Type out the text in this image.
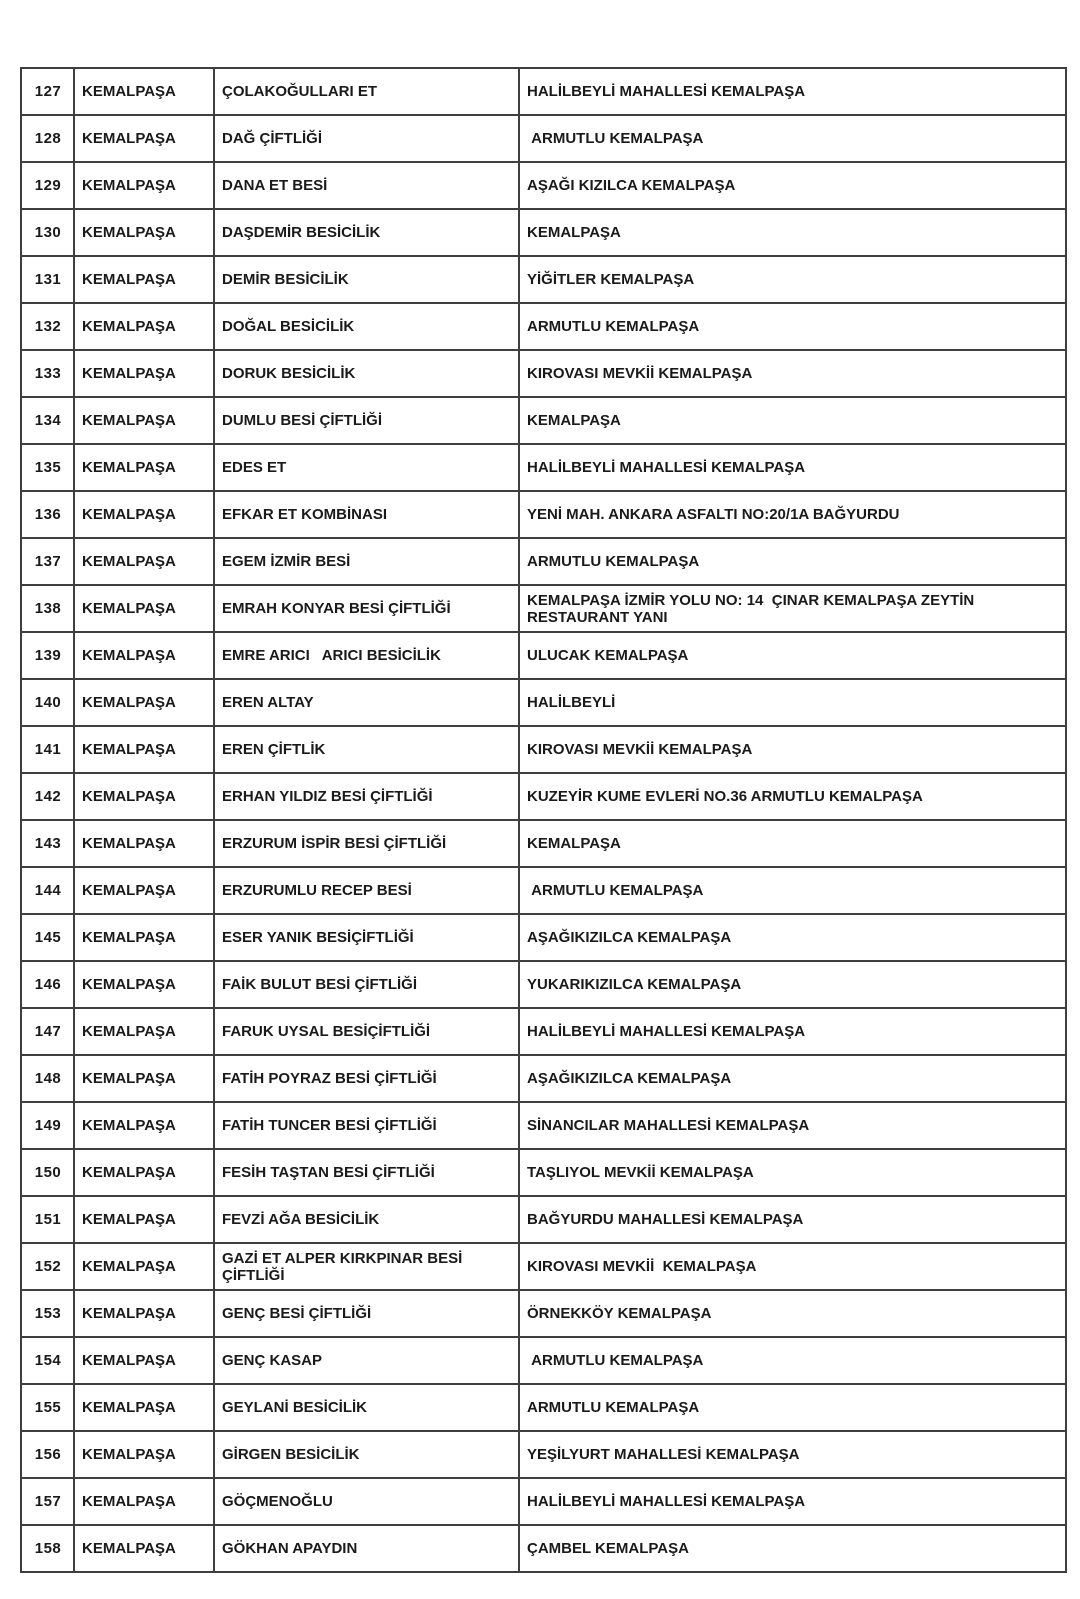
127	KEMALPAŞA	ÇOLAKOĞULLARI ET	HALİLBEYLİ MAHALLESİ KEMALPAŞA
128	KEMALPAŞA	DAĞ ÇİFTLİĞİ	ARMUTLU KEMALPAŞA
129	KEMALPAŞA	DANA ET BESİ	AŞAĞI KIZILCA KEMALPAŞA
130	KEMALPAŞA	DAŞDEMİR BESİCİLİK	KEMALPAŞA
131	KEMALPAŞA	DEMİR BESİCİLİK	YİĞİTLER KEMALPAŞA
132	KEMALPAŞA	DOĞAL BESİCİLİK	ARMUTLU KEMALPAŞA
133	KEMALPAŞA	DORUK BESİCİLİK	KIROVASI MEVKİİ KEMALPAŞA
134	KEMALPAŞA	DUMLU BESİ ÇİFTLİĞİ	KEMALPAŞA
135	KEMALPAŞA	EDES ET	HALİLBEYLİ MAHALLESİ KEMALPAŞA
136	KEMALPAŞA	EFKAR ET KOMBİNASI	YENİ MAH. ANKARA ASFALTI NO:20/1A BAĞYURDU
137	KEMALPAŞA	EGEM İZMİR BESİ	ARMUTLU KEMALPAŞA
138	KEMALPAŞA	EMRAH KONYAR BESİ ÇİFTLİĞİ	KEMALPAŞA İZMİR YOLU NO: 14  ÇINAR KEMALPAŞA ZEYTİN RESTAURANT YANI
139	KEMALPAŞA	EMRE ARICI   ARICI BESİCİLİK	ULUCAK KEMALPAŞA
140	KEMALPAŞA	EREN ALTAY	HALİLBEYLİ
141	KEMALPAŞA	EREN ÇİFTLİK	KIROVASI MEVKİİ KEMALPAŞA
142	KEMALPAŞA	ERHAN YILDIZ BESİ ÇİFTLİĞİ	KUZEYİR KUME EVLERİ NO.36 ARMUTLU KEMALPAŞA
143	KEMALPAŞA	ERZURUM İSPİR BESİ ÇİFTLİĞİ	KEMALPAŞA
144	KEMALPAŞA	ERZURUMLU RECEP BESİ	ARMUTLU KEMALPAŞA
145	KEMALPAŞA	ESER YANIK BESİÇİFTLİĞİ	AŞAĞIKIZILCA KEMALPAŞA
146	KEMALPAŞA	FAİK BULUT BESİ ÇİFTLİĞİ	YUKARIKIZILCA KEMALPAŞA
147	KEMALPAŞA	FARUK UYSAL BESİÇİFTLİĞİ	HALİLBEYLİ MAHALLESİ KEMALPAŞA
148	KEMALPAŞA	FATİH POYRAZ BESİ ÇİFTLİĞİ	AŞAĞIKIZILCA KEMALPAŞA
149	KEMALPAŞA	FATİH TUNCER BESİ ÇİFTLİĞİ	SİNANCILAR MAHALLESİ KEMALPAŞA
150	KEMALPAŞA	FESİH TAŞTAN BESİ ÇİFTLİĞİ	TAŞLIYOL MEVKİİ KEMALPAŞA
151	KEMALPAŞA	FEVZİ AĞA BESİCİLİK	BAĞYURDU MAHALLESİ KEMALPAŞA
152	KEMALPAŞA	GAZİ ET ALPER KIRKPINAR BESİ ÇİFTLİĞİ	KIROVASI MEVKİİ  KEMALPAŞA
153	KEMALPAŞA	GENÇ BESİ ÇİFTLİĞİ	ÖRNEKKÖY KEMALPAŞA
154	KEMALPAŞA	GENÇ KASAP	ARMUTLU KEMALPAŞA
155	KEMALPAŞA	GEYLANİ BESİCİLİK	ARMUTLU KEMALPAŞA
156	KEMALPAŞA	GİRGEN BESİCİLİK	YEŞİLYURT MAHALLESİ KEMALPAŞA
157	KEMALPAŞA	GÖÇMENOĞLU	HALİLBEYLİ MAHALLESİ KEMALPAŞA
158	KEMALPAŞA	GÖKHAN APAYDIN	ÇAMBEL KEMALPAŞA
